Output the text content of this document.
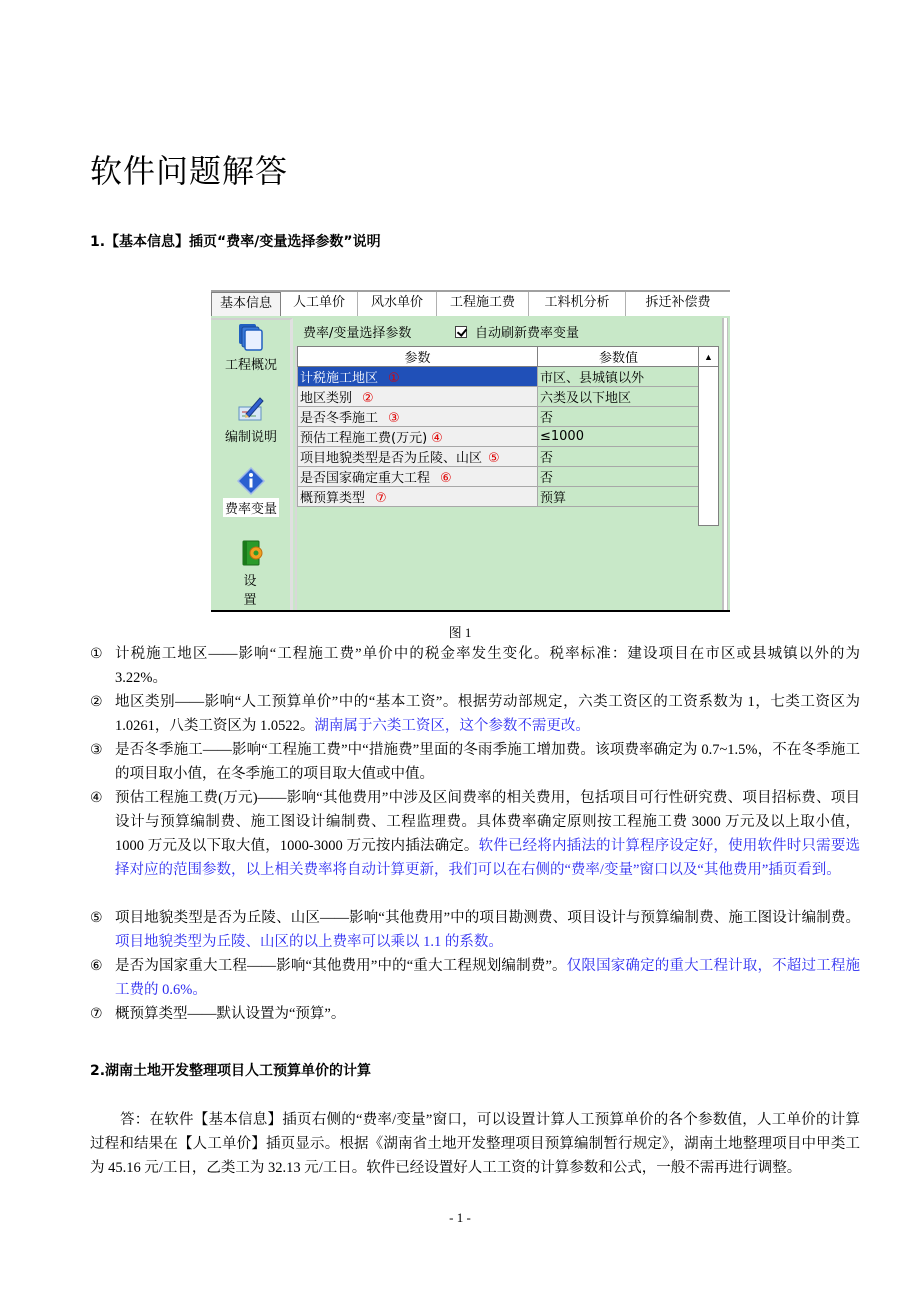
软件问题解答
1.【基本信息】插页“费率/变量选择参数”说明
基本信息	人工单价	风水单价	工程施工费	工料机分析	拆迁补偿费
工程概况
编制说明
费率变量
设置
费率/变量选择参数	自动刷新费率变量
参数	参数值	
计税施工地区 ①	市区、县城镇以外	
地区类别 ②	六类及以下地区	
是否冬季施工 ③	否	
预估工程施工费(万元) ④	≤1000	
项目地貌类型是否为丘陵、山区 ⑤	否	
是否国家确定重大工程 ⑥	否	
概预算类型 ⑦	预算	
▲
图 1
① 计税施工地区——影响“工程施工费”单价中的税金率发生变化。税率标准：建设项目在市区或县城镇以外的为 3.22%。
② 地区类别——影响“人工预算单价”中的“基本工资”。根据劳动部规定，六类工资区的工资系数为 1，七类工资区为 1.0261，八类工资区为 1.0522。湖南属于六类工资区，这个参数不需更改。
③ 是否冬季施工——影响“工程施工费”中“措施费”里面的冬雨季施工增加费。该项费率确定为 0.7~1.5%，不在冬季施工的项目取小值，在冬季施工的项目取大值或中值。
④ 预估工程施工费(万元)——影响“其他费用”中涉及区间费率的相关费用，包括项目可行性研究费、项目招标费、项目设计与预算编制费、施工图设计编制费、工程监理费。具体费率确定原则按工程施工费 3000 万元及以上取小值，1000 万元及以下取大值，1000-3000 万元按内插法确定。软件已经将内插法的计算程序设定好，使用软件时只需要选择对应的范围参数，以上相关费率将自动计算更新，我们可以在右侧的“费率/变量”窗口以及“其他费用”插页看到。
⑤ 项目地貌类型是否为丘陵、山区——影响“其他费用”中的项目勘测费、项目设计与预算编制费、施工图设计编制费。项目地貌类型为丘陵、山区的以上费率可以乘以 1.1 的系数。
⑥ 是否为国家重大工程——影响“其他费用”中的“重大工程规划编制费”。仅限国家确定的重大工程计取，不超过工程施工费的 0.6%。
⑦ 概预算类型——默认设置为“预算”。
2.湖南土地开发整理项目人工预算单价的计算
答：在软件【基本信息】插页右侧的“费率/变量”窗口，可以设置计算人工预算单价的各个参数值，人工单价的计算过程和结果在【人工单价】插页显示。根据《湖南省土地开发整理项目预算编制暂行规定》，湖南土地整理项目中甲类工为 45.16 元/工日，乙类工为 32.13 元/工日。软件已经设置好人工工资的计算参数和公式，一般不需再进行调整。
- 1 -
